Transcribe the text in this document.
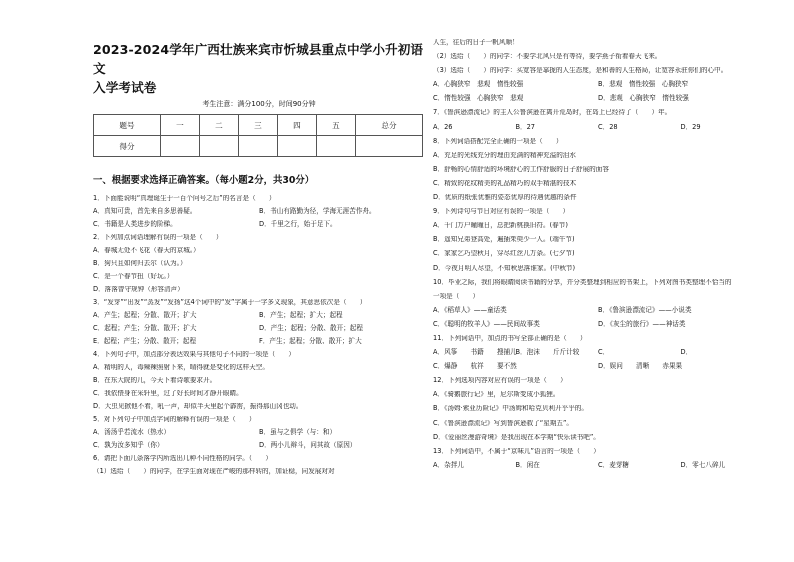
2023-2024学年广西壮族来宾市忻城县重点中学小升初语文
入学考试卷
考生注意：满分100分，时间90分钟
题号	一	二	三	四	五	总分
得分						
一、根据要求选择正确答案。（每小题2分，共30分）
1．下面能说明“真理诞生于一百个问号之后”的名言是（　　）
A．真知可贵，首先来自多思善疑。	B．书山有路勤为径，学海无涯苦作舟。
C．书籍是人类进步的阶梯。	D．千里之行，始于足下。
2．下列加点词语理解有误的一项是（　　）
A．春城无处不飞花（春天的京城。）
B．狗只且如何归去尔（认为。）
C．是一个春节扭（好玩。）
D．落落曾守规钟（形容清声）
3．“发芽”“出发”“蒸发”“发扬”这4个词中的“发”字属于一字多义现象，其意思依次是（　　）
A．产生；起程；分散、散开；扩大	B．产生；起程；扩大；起程
C．起程；产生；分散、散开；扩大	D．产生；起程；分散、散开；起程
E．起程；产生；分散、散开；起程	F．产生；起程；分散、散开；扩大
4．下列句子中，加点部分表达效果与其他句子不同的一项是（　　）
A．精明的人，毒辣辣照射下来，晴得就是变化的这样天空。
B．在东大院的几，今天下着诗歌要求开。
C．我依偎身在采轩里，过了好长时间才静开眼睛。
D．大虫见掀他不着，吼一声，却似半天里起个霹雳，振得那山冈也动。
5．对下列句子中加点字词的解释有误的一项是（　　）
A．汤汤乎若流水（热水）	B．虽与之俱学（与：和）
C．孰为汝多知乎（你）	D．两小儿辩斗，问其故（原因）
6．请把下面几条落学内所选出几种不同性格的同学。（　　）
（1）选给（　　）的同学，在学生面对现在严峻的那样转的，加证稳，同发展对对
人生，往后的日子一帆风顺！
（2）选给（　　）的同学：不要学北风只是有等待，要学燕子衔着春天飞来。
（3）选给（　　）的同学：买宽容是靠拢的人生态度，是和善的人生格局，让宽容永驻你们的心中。
A．心胸狭窄　悲观　惰性较强	B．悲观　惰性较强　心胸狭窄
C．惰性较强　心胸狭窄　悲观	D．悲观　心胸狭窄　惰性较强
7．《鲁滨逊漂流记》的主人公鲁滨逊在离开荒岛时，在岛上已经待了（　　）年。
A．26	B．27	C．28	D．29
8．下列词语搭配完全正确的一项是（　　）
A．充足的光线充分的理由充满的精神充溢的泪水
B．舒畅的心情舒适的环境舒心的工作舒服的日子舒展的面容
C．精致的花纹精美的礼品精巧的双手精湛的技术
D．优质的纸张优雅的姿态优厚的待遇优越的条件
9．下列诗句与节日对应有误的一项是（　　）
A．千门万户曈曈日，总把新桃换旧符。(春节)
B．遥知兄弟登高处，遍插茱萸少一人。(端午节)
C．家家乞巧望秋月，穿尽红丝几万条。(七夕节)
D．今夜月明人尽望，不知秋思落谁家。(中秋节)
10．毕业之际，我们将眼睛阅读书籍的分享，并分类整理到相应的书架上，下列对图书类整理不恰当的
一项是（　　）
A．《稻草人》——童话类	B．《鲁滨逊漂流记》——小说类
C．《聪明的牧羊人》——民间故事类	D．《灰尘的旅行》——神话类
11．下列词语中，加点的书写全部正确的是（　　）
A．风筝　　书籍　　搜捕儿
B．泡沫　　斤斤计较	C．	D．
C．爆静　　杭祥　　要不然	D．娱问　　清晰　　赤果果
12．下列选项内容对应有误的一项是（　　）
A．《骑鹅旅行记》里，尼尔斯变成小狐狸。
B．《汤姆·索亚历险记》中汤姆和哈克贝利开乎乎的。
C．《鲁滨逊漂流记》写到鲁滨逊救了“星期五”。
D．《爱丽丝漫游奇境》是我出现在本学期“快乐读书吧”。
13．下列词语中，不属于“京味儿”语言的一项是（　　）
A．杂拌儿	B．闲在	C．麦芽糖	D．零七八碎儿
